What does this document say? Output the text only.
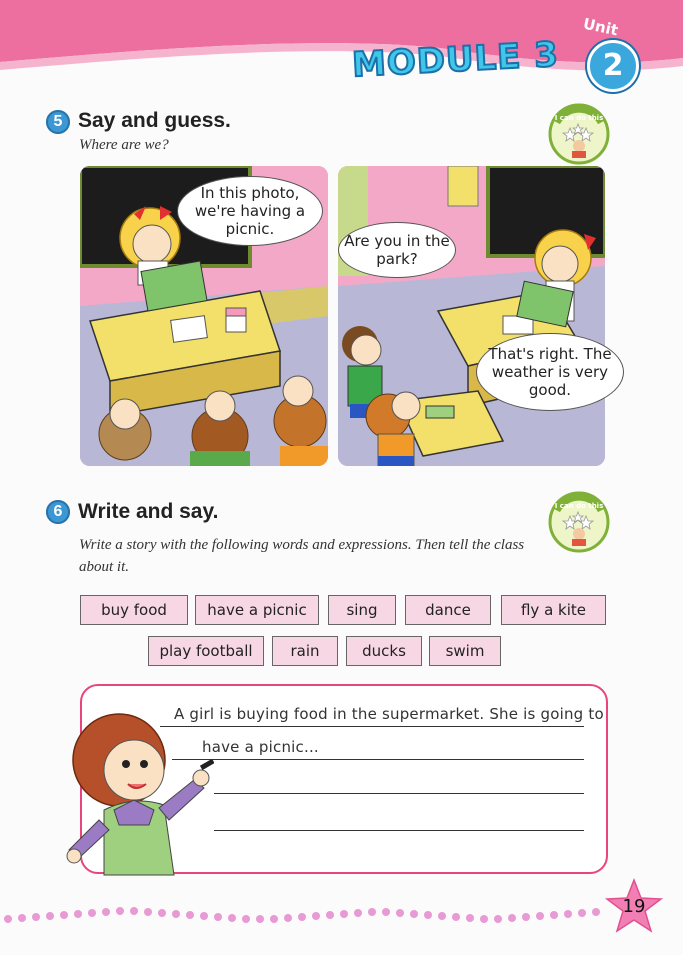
MODULE 3
Unit
2
5 Say and guess.
Where are we?
I can do this
In this photo, we're having a picnic.
Are you in the park?
That's right. The weather is very good.
6 Write and say.
Write a story with the following words and expressions. Then tell the class about it.
I can do this
buy food	have a picnic	sing	dance	fly a kite
play football	rain	ducks	swim
A girl is buying food in the supermarket. She is going to
have a picnic...
19
